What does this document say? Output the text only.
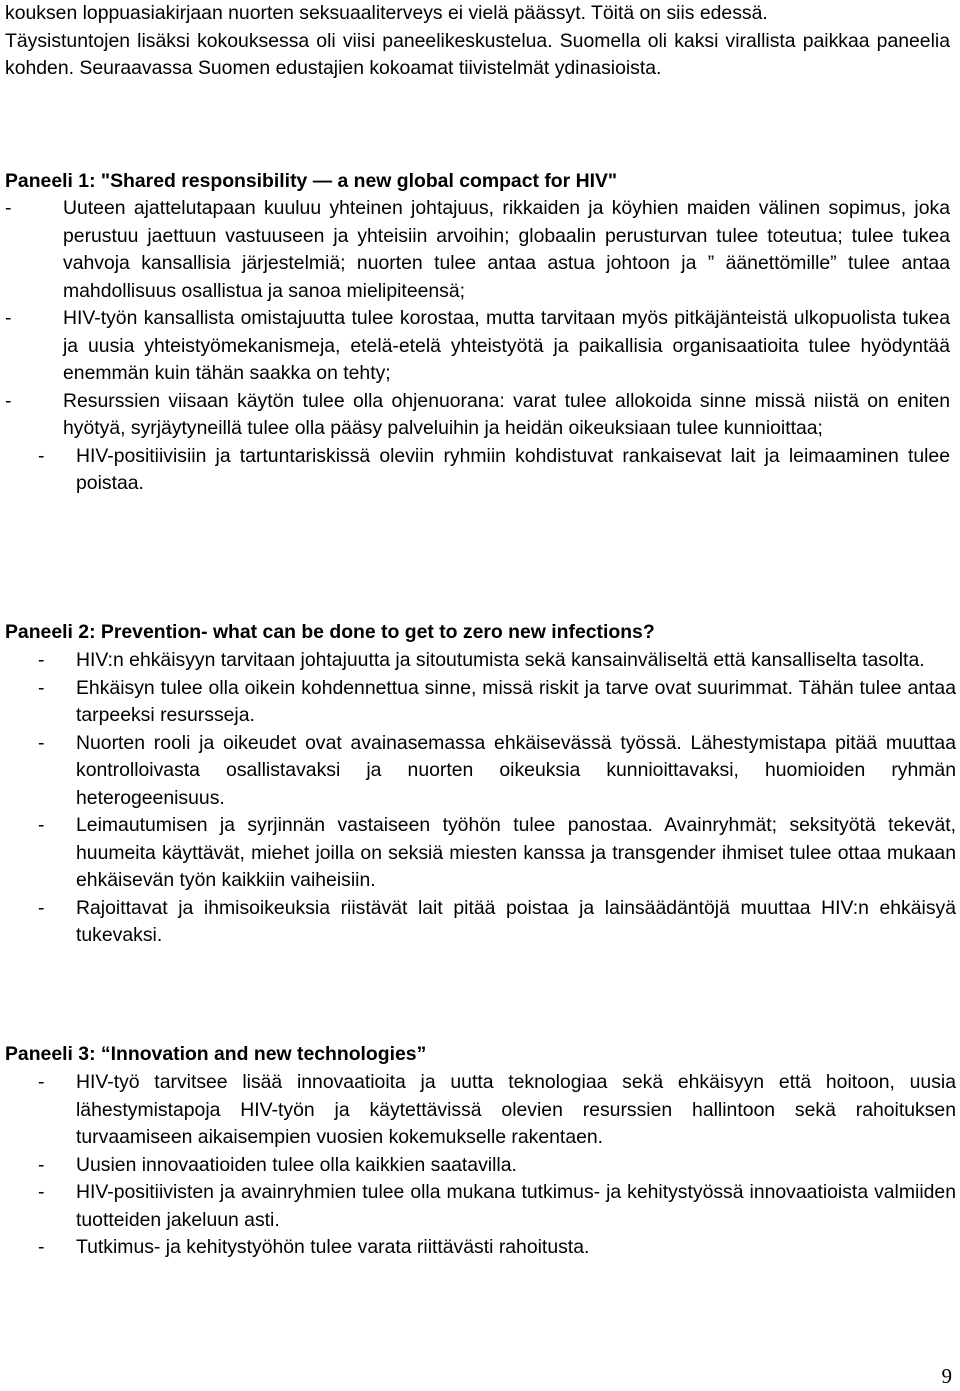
kouksen loppuasiakirjaan nuorten seksuaaliterveys ei vielä päässyt. Töitä on siis edessä.

Täysistuntojen lisäksi kokouksessa oli viisi paneelikeskustelua. Suomella oli kaksi virallista paikkaa paneelia kohden. Seuraavassa Suomen edustajien kokoamat tiivistelmät ydinasioista.

Paneeli 1: "Shared responsibility — a new global compact for HIV"
-	Uuteen ajattelutapaan kuuluu yhteinen johtajuus, rikkaiden ja köyhien maiden välinen sopimus, joka perustuu jaettuun vastuuseen ja yhteisiin arvoihin; globaalin perusturvan tulee toteutua; tulee tukea vahvoja kansallisia järjestelmiä; nuorten tulee antaa astua johtoon ja ” äänettömille” tulee antaa mahdollisuus osallistua ja sanoa mielipiteensä;
-	HIV-työn kansallista omistajuutta tulee korostaa, mutta tarvitaan myös pitkäjänteistä ulkopuolista tukea ja uusia yhteistyömekanismeja, etelä-etelä yhteistyötä ja paikallisia organisaatioita tulee hyödyntää enemmän kuin tähän saakka on tehty;
-	Resurssien viisaan käytön tulee olla ohjenuorana: varat tulee allokoida sinne missä niistä on eniten hyötyä, syrjäytyneillä tulee olla pääsy palveluihin ja heidän oikeuksiaan tulee kunnioittaa;
- HIV-positiivisiin ja tartuntariskissä oleviin ryhmiin kohdistuvat rankaisevat lait ja leimaaminen tulee poistaa.
Paneeli 2: Prevention- what can be done to get to zero new infections?
- HIV:n ehkäisyyn tarvitaan johtajuutta ja sitoutumista sekä kansainväliseltä että kansalliselta tasolta.
- Ehkäisyn tulee olla oikein kohdennettua sinne, missä riskit ja tarve ovat suurimmat. Tähän tulee antaa tarpeeksi resursseja.
- Nuorten rooli ja oikeudet ovat avainasemassa ehkäisevässä työssä. Lähestymistapa pitää muuttaa kontrolloivasta osallistavaksi ja nuorten oikeuksia kunnioittavaksi, huomioiden ryhmän heterogeenisuus.
- Leimautumisen ja syrjinnän vastaiseen työhön tulee panostaa. Avainryhmät; seksityötä tekevät, huumeita käyttävät, miehet joilla on seksiä miesten kanssa ja transgender ihmiset tulee ottaa mukaan ehkäisevän työn kaikkiin vaiheisiin.
- Rajoittavat ja ihmisoikeuksia riistävät lait pitää poistaa ja lainsäädäntöjä muuttaa HIV:n ehkäisyä tukevaksi.
Paneeli 3: “Innovation and new technologies”
- HIV-työ tarvitsee lisää innovaatioita ja uutta teknologiaa sekä ehkäisyyn että hoitoon, uusia lähestymistapoja HIV-työn ja käytettävissä olevien resurssien hallintoon sekä rahoituksen turvaamiseen aikaisempien vuosien kokemukselle rakentaen.
- Uusien innovaatioiden tulee olla kaikkien saatavilla.
- HIV-positiivisten ja avainryhmien tulee olla mukana tutkimus- ja kehitystyössä innovaatioista valmiiden tuotteiden jakeluun asti.
- Tutkimus- ja kehitystyöhön tulee varata riittävästi rahoitusta.
9
